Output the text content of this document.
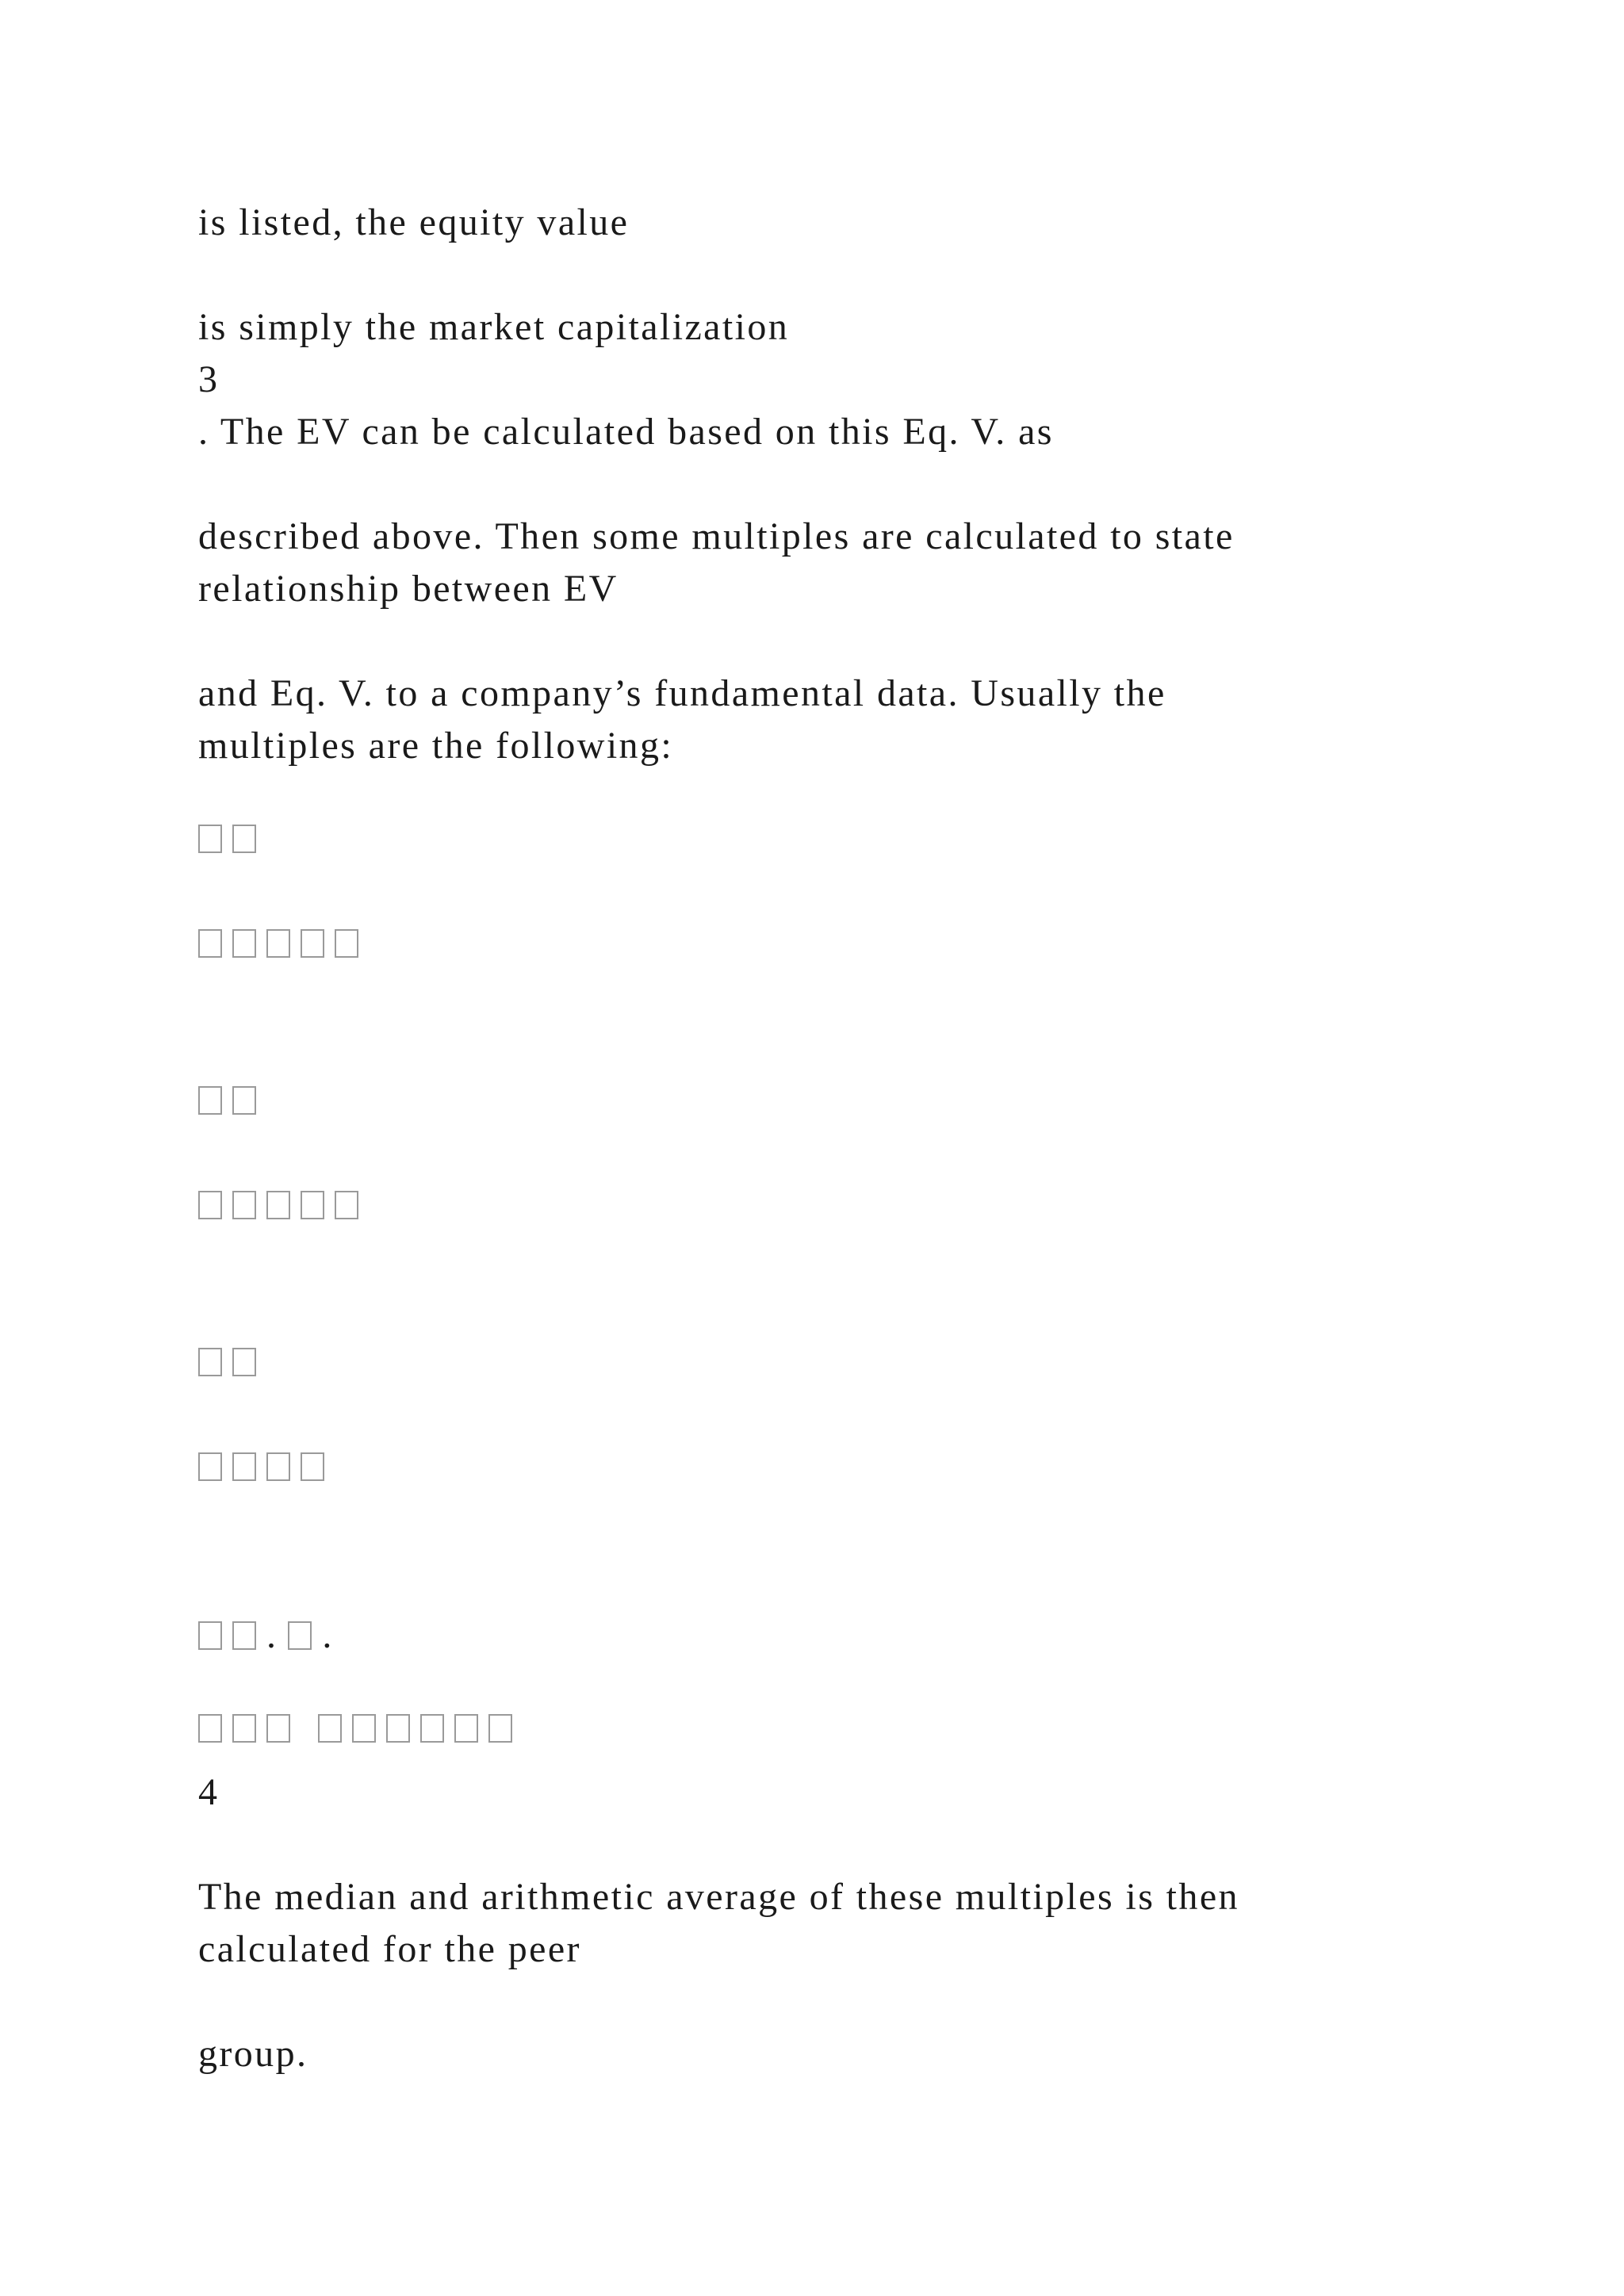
is listed, the equity value

is simply the market capitalization

3

. The EV can be calculated based on this Eq. V. as

described above. Then some multiples are calculated to state

relationship between EV

and Eq. V. to a company’s fundamental data. Usually the

multiples are the following:

. .

4

The median and arithmetic average of these multiples is then

calculated for the peer

group.
